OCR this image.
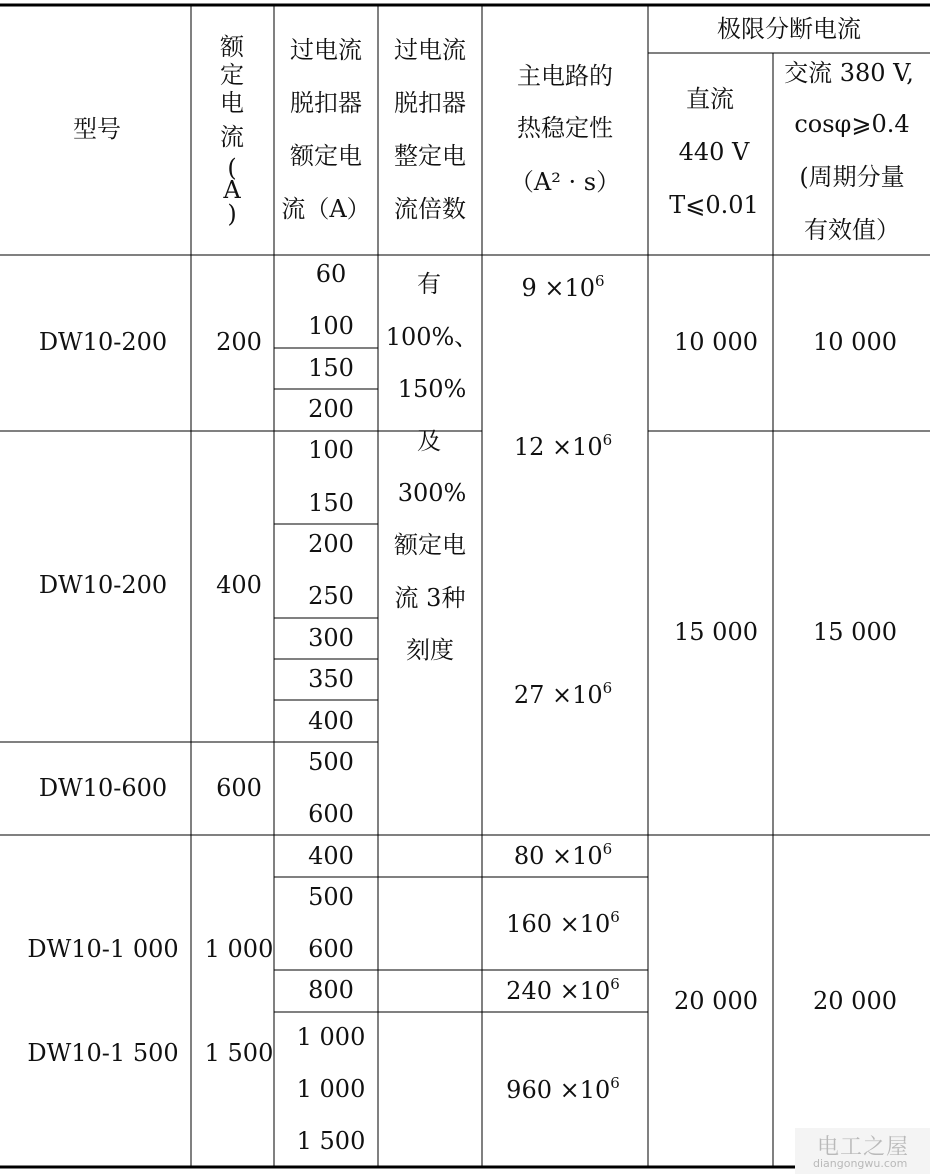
型号
额
定
电
流
(
A
)
过电流
脱扣器
额定电
流（A）
过电流
脱扣器
整定电
流倍数
主电路的
热稳定性
（A² · s）
极限分断电流
直流
440 V
T⩽0.01
交流 380 V,
cosφ⩾0.4
(周期分量
有效值）
DW10-200
DW10-200
DW10-600
DW10-1 000
DW10-1 500
200
400
600
1 000
1 500
60
100
150
200
100
150
200
250
300
350
400
500
600
400
500
600
800
1 000
1 000
1 500
有
100%、
150%
及
300%
额定电
流 3种
刻度
$9 \times 10^6$
$12 \times 10^6$
$27 \times 10^6$
$80 \times 10^6$
$160 \times 10^6$
$240 \times 10^6$
$960 \times 10^6$
10 000
15 000
20 000
10 000
15 000
20 000
电工之屋
diangongwu.com
